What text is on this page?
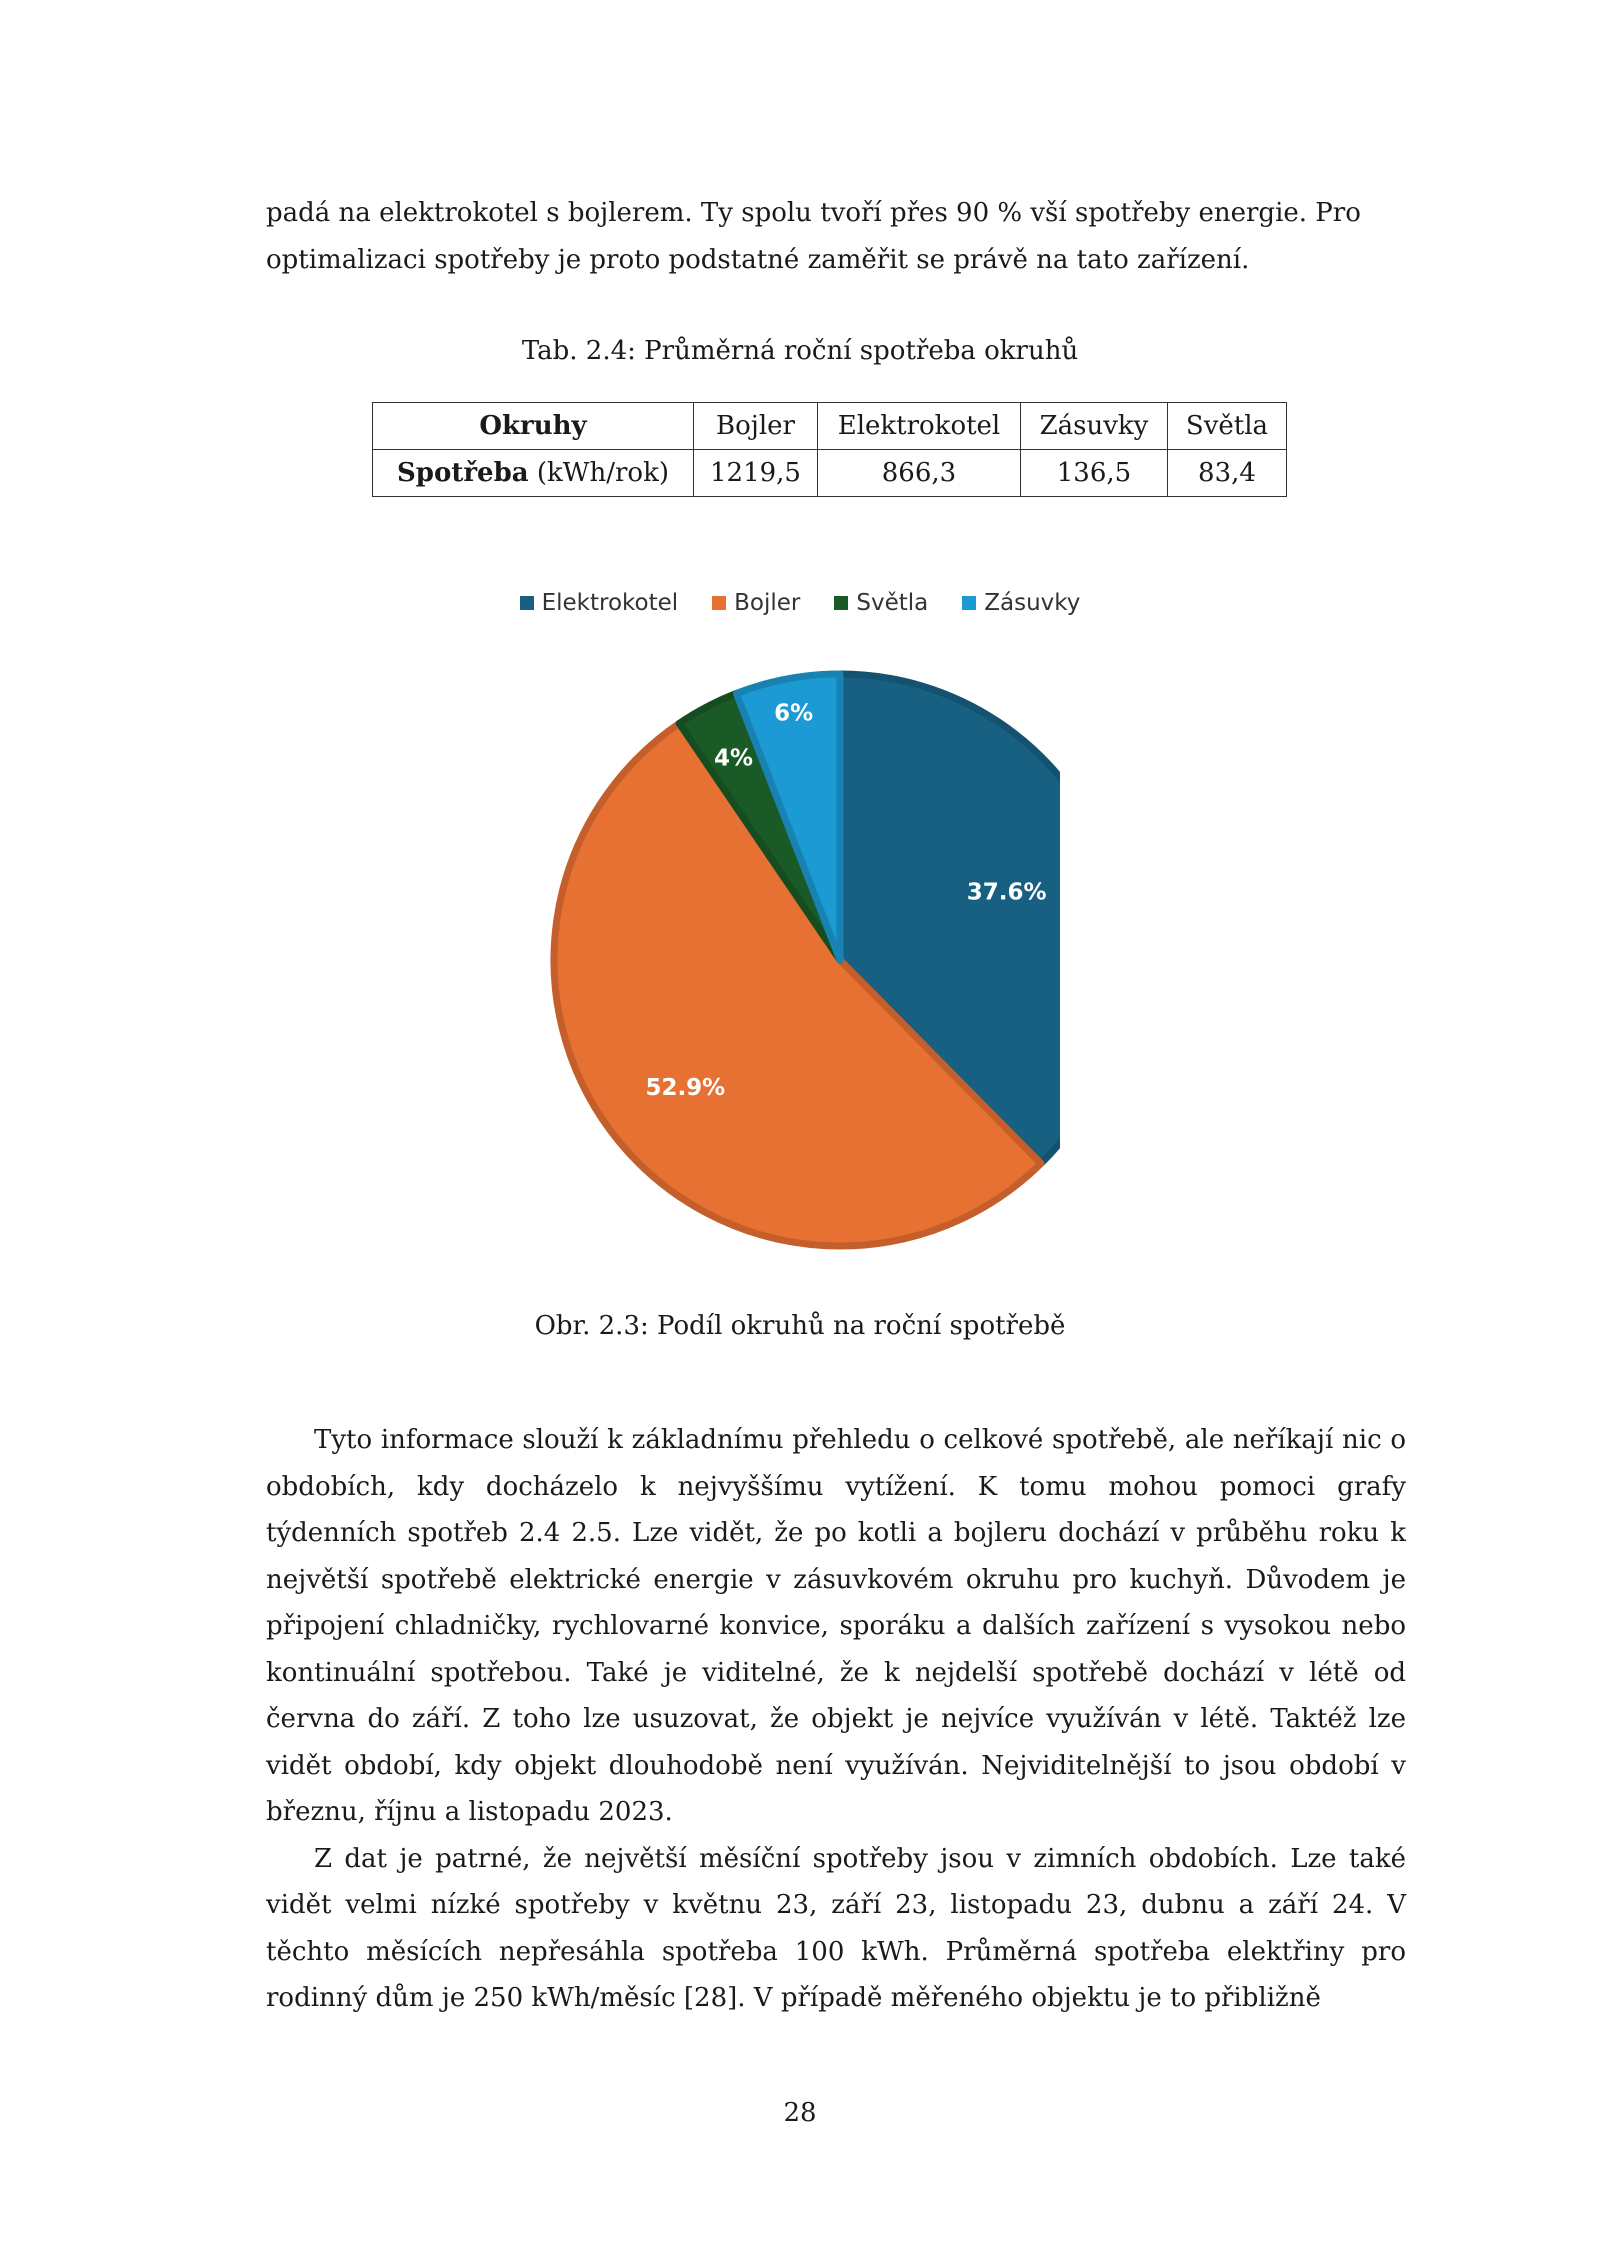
padá na elektrokotel s bojlerem. Ty spolu tvoří přes 90 % vší spotřeby energie. Pro

optimalizaci spotřeby je proto podstatné zaměřit se právě na tato zařízení.

Tab. 2.4: Průměrná roční spotřeba okruhů
Okruhy	Bojler	Elektrokotel	Zásuvky	Světla
Spotřeba (kWh/rok)	1219,5	866,3	136,5	83,4
Elektrokotel Bojler Světla Zásuvky
37.6%
52.9%
4%
6%
Obr. 2.3: Podíl okruhů na roční spotřebě

Tyto informace slouží k základnímu přehledu o celkové spotřebě, ale neříkají nic o obdobích, kdy docházelo k nejvyššímu vytížení. K tomu mohou pomoci grafy týdenních spotřeb 2.4 2.5. Lze vidět, že po kotli a bojleru dochází v průběhu roku k největší spotřebě elektrické energie v zásuvkovém okruhu pro kuchyň. Důvodem je připojení chladničky, rychlovarné konvice, sporáku a dalších zařízení s vysokou nebo kontinuální spotřebou. Také je viditelné, že k nejdelší spotřebě dochází v létě od června do září. Z toho lze usuzovat, že objekt je nejvíce využíván v létě. Taktéž lze vidět období, kdy objekt dlouhodobě není využíván. Nejviditelnější to jsou období v březnu, říjnu a listopadu 2023.

Z dat je patrné, že největší měsíční spotřeby jsou v zimních obdobích. Lze také vidět velmi nízké spotřeby v květnu 23, září 23, listopadu 23, dubnu a září 24. V těchto měsících nepřesáhla spotřeba 100 kWh. Průměrná spotřeba elektřiny pro rodinný dům je 250 kWh/měsíc [28]. V případě měřeného objektu je to přibližně

28
